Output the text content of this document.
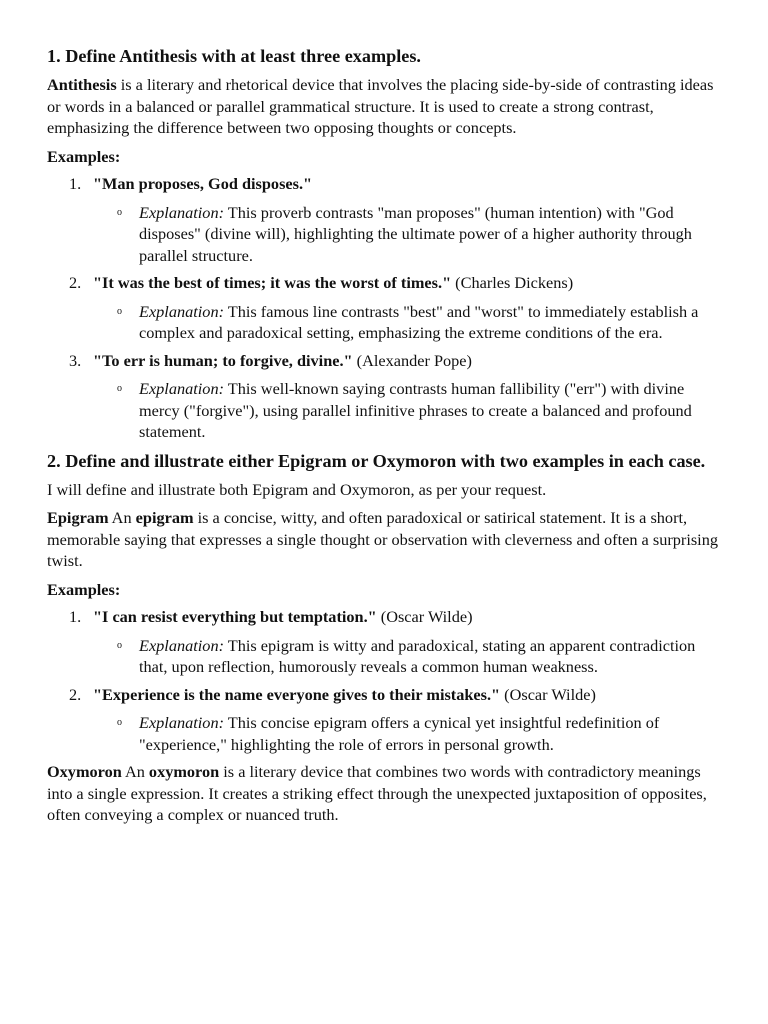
1. Define Antithesis with at least three examples.

Antithesis is a literary and rhetorical device that involves the placing side-by-side of contrasting ideas or words in a balanced or parallel grammatical structure. It is used to create a strong contrast, emphasizing the difference between two opposing thoughts or concepts.

Examples:

1. "Man proposes, God disposes."
o Explanation: This proverb contrasts "man proposes" (human intention) with "God disposes" (divine will), highlighting the ultimate power of a higher authority through parallel structure.
2. "It was the best of times; it was the worst of times." (Charles Dickens)
o Explanation: This famous line contrasts "best" and "worst" to immediately establish a complex and paradoxical setting, emphasizing the extreme conditions of the era.
3. "To err is human; to forgive, divine." (Alexander Pope)
o Explanation: This well-known saying contrasts human fallibility ("err") with divine mercy ("forgive"), using parallel infinitive phrases to create a balanced and profound statement.
2. Define and illustrate either Epigram or Oxymoron with two examples in each case.

I will define and illustrate both Epigram and Oxymoron, as per your request.

Epigram An epigram is a concise, witty, and often paradoxical or satirical statement. It is a short, memorable saying that expresses a single thought or observation with cleverness and often a surprising twist.

Examples:

1. "I can resist everything but temptation." (Oscar Wilde)
o Explanation: This epigram is witty and paradoxical, stating an apparent contradiction that, upon reflection, humorously reveals a common human weakness.
2. "Experience is the name everyone gives to their mistakes." (Oscar Wilde)
o Explanation: This concise epigram offers a cynical yet insightful redefinition of "experience," highlighting the role of errors in personal growth.

Oxymoron An oxymoron is a literary device that combines two words with contradictory meanings into a single expression. It creates a striking effect through the unexpected juxtaposition of opposites, often conveying a complex or nuanced truth.
